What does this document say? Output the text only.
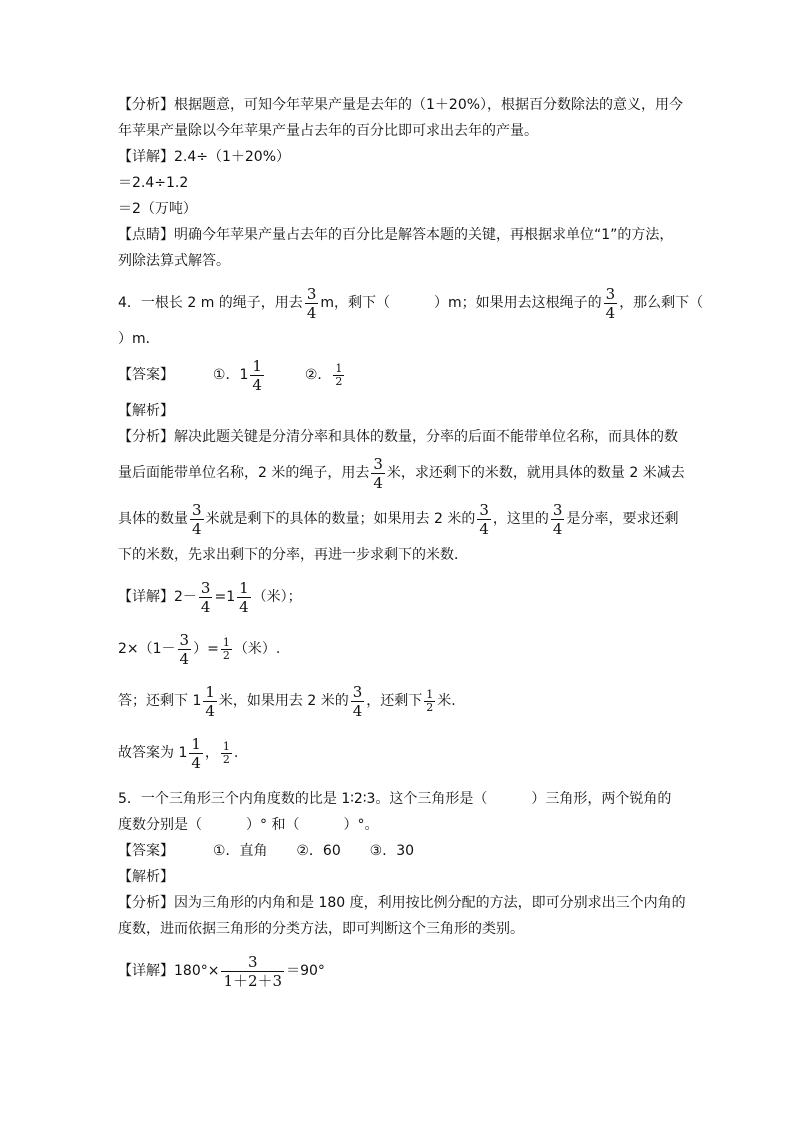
【分析】根据题意，可知今年苹果产量是去年的（1＋20%），根据百分数除法的意义，用今
年苹果产量除以今年苹果产量占去年的百分比即可求出去年的产量。
【详解】2.4÷（1＋20%）
＝2.4÷1.2
＝2（万吨）
【点睛】明确今年苹果产量占去年的百分比是解答本题的关键，再根据求单位“1”的方法，
列除法算式解答。
4．一根长 2 m 的绳子，用去 $\frac{3}{4}$ m，剩下（	）m；如果用去这根绳子的 $\frac{3}{4}$ ，那么剩下（
）m．
【答案】	①．$1 \frac{1}{4}$	②． $\frac{1}{2}$
【解析】
【分析】解决此题关键是分清分率和具体的数量，分率的后面不能带单位名称，而具体的数
量后面能带单位名称，2 米的绳子，用去 $\frac{3}{4}$ 米，求还剩下的米数，就用具体的数量 2 米减去
具体的数量 $\frac{3}{4}$ 米就是剩下的具体的数量；如果用去 2 米的 $\frac{3}{4}$ ，这里的 $\frac{3}{4}$ 是分率，要求还剩
下的米数，先求出剩下的分率，再进一步求剩下的米数．
【详解】$2- \frac{3}{4} =1 \frac{1}{4}$ （米）；
$2\times(1- \frac{3}{4}$ ）= $\frac{1}{2}$ （米）.
答；还剩下 $1 \frac{1}{4}$ 米，如果用去 2 米的 $\frac{3}{4}$ ，还剩下 $\frac{1}{2}$ 米.
故答案为 $1 \frac{1}{4}$ ， $\frac{1}{2}$ .
5．一个三角形三个内角度数的比是 1∶2∶3。这个三角形是（	）三角形，两个锐角的
度数分别是（	）° 和（	）°。
【答案】	①．直角 ②．60 ③．30
【解析】
【分析】因为三角形的内角和是 180 度，利用按比例分配的方法，即可分别求出三个内角的
度数，进而依据三角形的分类方法，即可判断这个三角形的类别。
【详解】$180^\circ\times \frac{3}{1+2+3} =90^\circ$
